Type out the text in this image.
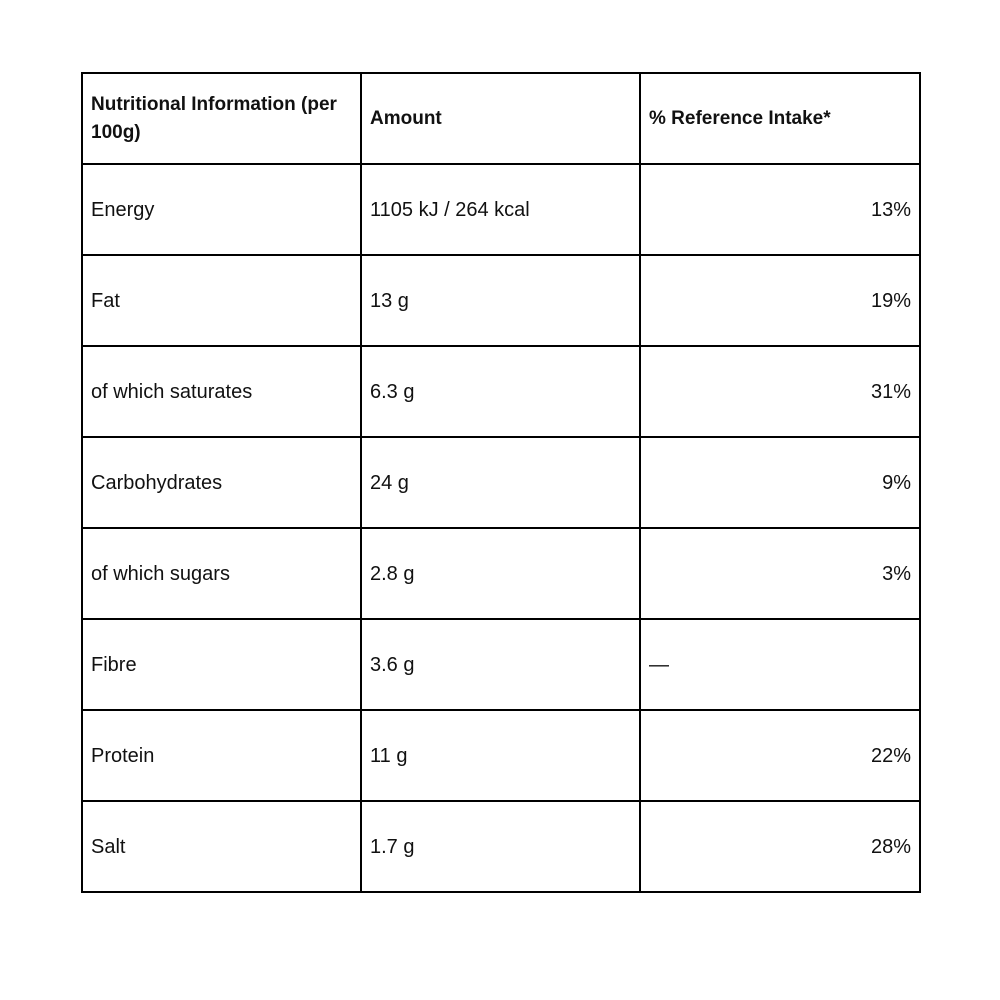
Nutritional Information (per 100g)	Amount	% Reference Intake*
Energy	1105 kJ / 264 kcal	13%
Fat	13 g	19%
of which saturates	6.3 g	31%
Carbohydrates	24 g	9%
of which sugars	2.8 g	3%
Fibre	3.6 g	—
Protein	11 g	22%
Salt	1.7 g	28%
